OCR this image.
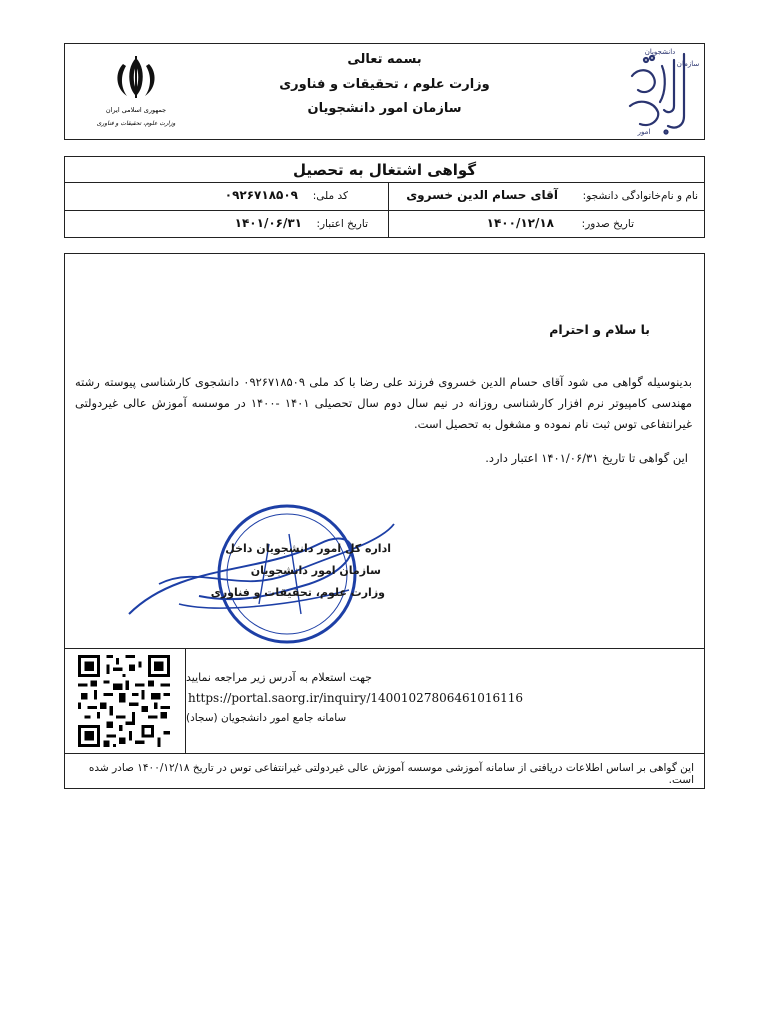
جمهوری اسلامی ایران
وزارت علوم، تحقیقات و فناوری
بسمه تعالی
وزارت علوم ، تحقیقات و فناوری
سازمان امور دانشجویان
سازمان
امور
دانشجویان
گواهی اشتغال به تحصیل
نام و نام‌خانوادگی دانشجو:
آقای حسام الدین خسروی
کد ملی:
۰۹۲۶۷۱۸۵۰۹
تاریخ صدور:
۱۴۰۰/۱۲/۱۸
تاریخ اعتبار:
۱۴۰۱/۰۶/۳۱
با سلام و احترام
بدینوسیله گواهی می شود آقای حسام الدین خسروی فرزند علی رضا با کد ملی ۰۹۲۶۷۱۸۵۰۹ دانشجوی کارشناسی پیوسته رشته مهندسی کامپیوتر نرم افزار کارشناسی روزانه در نیم سال دوم سال تحصیلی ۱۴۰۱ -۱۴۰۰ در موسسه آموزش عالی غیردولتی غیرانتفاعی توس ثبت نام نموده و مشغول به تحصیل است.
این گواهی تا تاریخ ۱۴۰۱/۰۶/۳۱ اعتبار دارد.
اداره کل امور دانشجویان داخل
سازمان امور دانشجویان
وزارت علوم، تحقیقات و فناوری
جهت استعلام به آدرس زیر مراجعه نمایید
https://portal.saorg.ir/inquiry/14001027806461016116
سامانه جامع امور دانشجویان (سجاد)
این گواهی بر اساس اطلاعات دریافتی از سامانه آموزشی موسسه آموزش عالی غیردولتی غیرانتفاعی توس در تاریخ ۱۴۰۰/۱۲/۱۸ صادر شده است.
